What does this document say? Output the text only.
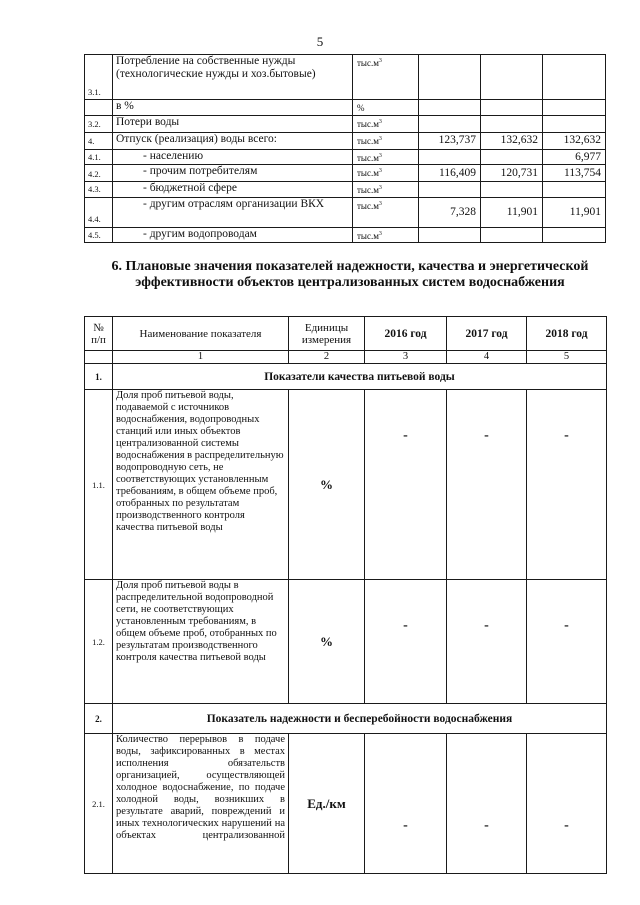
5
3.1.	Потребление на собственные нужды (технологические нужды и хоз.бытовые)	$тыс.м^3$			
	в %	%			
3.2.	Потери воды	$тыс.м^3$			
4.	Отпуск (реализация) воды всего:	$тыс.м^3$	123,737	132,632	132,632
4.1.	- населению	$тыс.м^3$			6,977
4.2.	- прочим потребителям	$тыс.м^3$	116,409	120,731	113,754
4.3.	- бюджетной сфере	$тыс.м^3$			
4.4.	- другим отраслям организации ВКХ	$тыс.м^3$	7,328	11,901	11,901
4.5.	- другим водопроводам	$тыс.м^3$			
6. Плановые значения показателей надежности, качества и энергетической эффективности объектов централизованных систем водоснабжения
№ п/п	Наименование показателя	Единицы измерения	2016 год	2017 год	2018 год
	1	2	3	4	5
1.	Показатели качества питьевой воды				
1.1.	Доля проб питьевой воды, подаваемой с источников водоснабжения, водопроводных станций или иных объектов централизованной системы водоснабжения в распределительную водопроводную сеть, не соответствующих установленным требованиям, в общем объеме проб, отобранных по результатам производственного контроля качества питьевой воды	%	-	-	-
1.2.	Доля проб питьевой воды в распределительной водопроводной сети, не соответствующих установленным требованиям, в общем объеме проб, отобранных по результатам производственного контроля качества питьевой воды	%	-	-	-
2.	Показатель надежности и бесперебойности водоснабжения				
2.1.	Количество перерывов в подаче воды, зафиксированных в местах исполнения обязательств организацией, осуществляющей холодное водоснабжение, по подаче холодной воды, возникших в результате аварий, повреждений и иных технологических нарушений на объектах централизованной	Ед./км	-	-	-
